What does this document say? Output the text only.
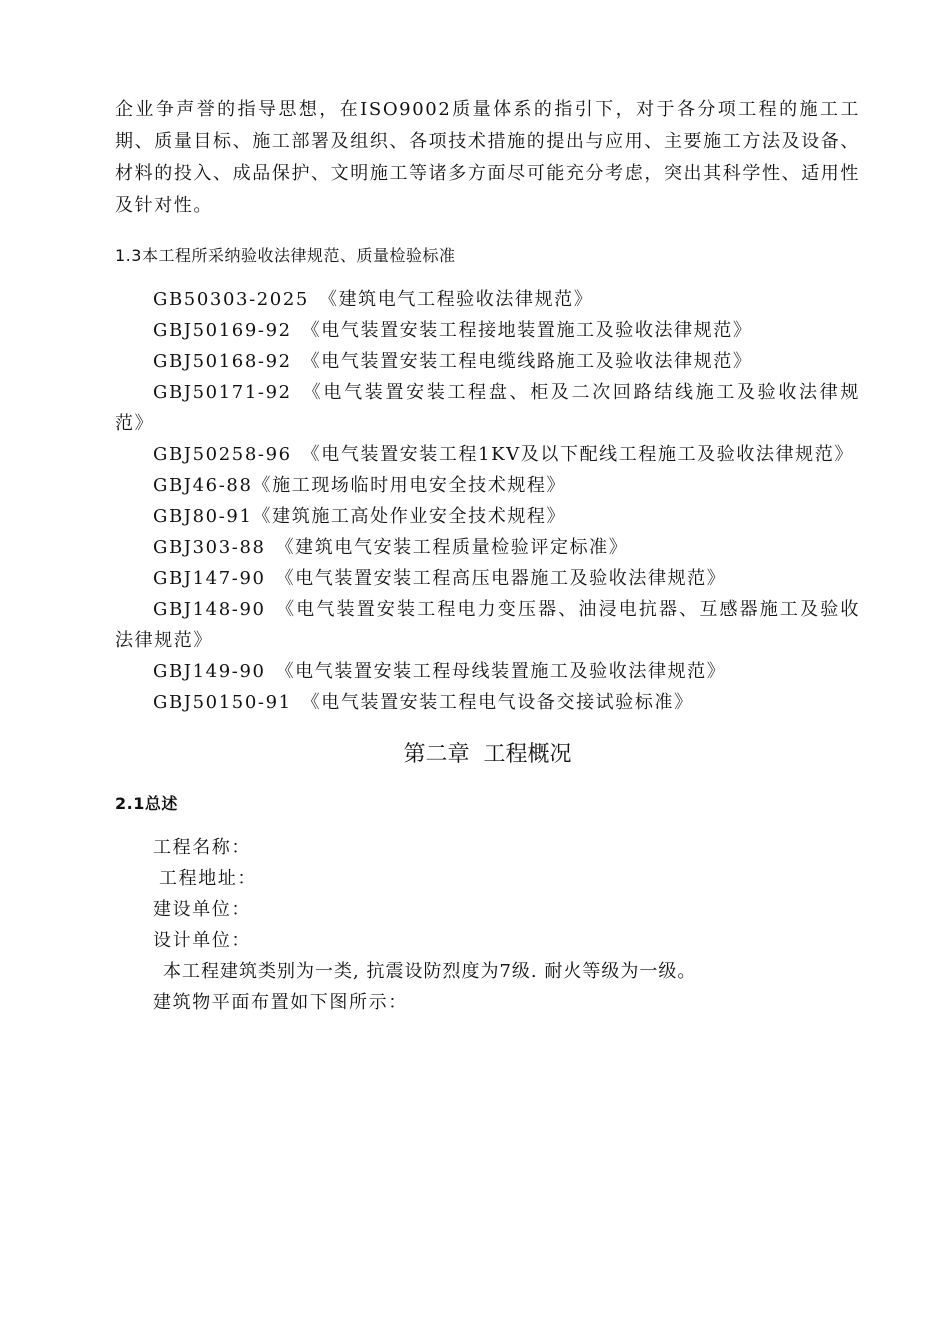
企业争声誉的指导思想，在ISO9002质量体系的指引下，对于各分项工程的施工工期、质量目标、施工部署及组织、各项技术措施的提出与应用、主要施工方法及设备、材料的投入、成品保护、文明施工等诸多方面尽可能充分考虑，突出其科学性、适用性及针对性。

1.3本工程所采纳验收法律规范、质量检验标准

GB50303-2025 《建筑电气工程验收法律规范》

GBJ50169-92 《电气装置安装工程接地装置施工及验收法律规范》

GBJ50168-92 《电气装置安装工程电缆线路施工及验收法律规范》

GBJ50171-92 《电气装置安装工程盘、柜及二次回路结线施工及验收法律规范》

GBJ50258-96 《电气装置安装工程1KV及以下配线工程施工及验收法律规范》

GBJ46-88《施工现场临时用电安全技术规程》

GBJ80-91《建筑施工高处作业安全技术规程》

GBJ303-88 《建筑电气安装工程质量检验评定标准》

GBJ147-90 《电气装置安装工程高压电器施工及验收法律规范》

GBJ148-90 《电气装置安装工程电力变压器、油浸电抗器、互感器施工及验收法律规范》

GBJ149-90 《电气装置安装工程母线装置施工及验收法律规范》

GBJ50150-91 《电气装置安装工程电气设备交接试验标准》

第二章 工程概况
2.1总述

工程名称：

工程地址：

建设单位：

设计单位：

本工程建筑类别为一类, 抗震设防烈度为7级. 耐火等级为一级。

建筑物平面布置如下图所示：
